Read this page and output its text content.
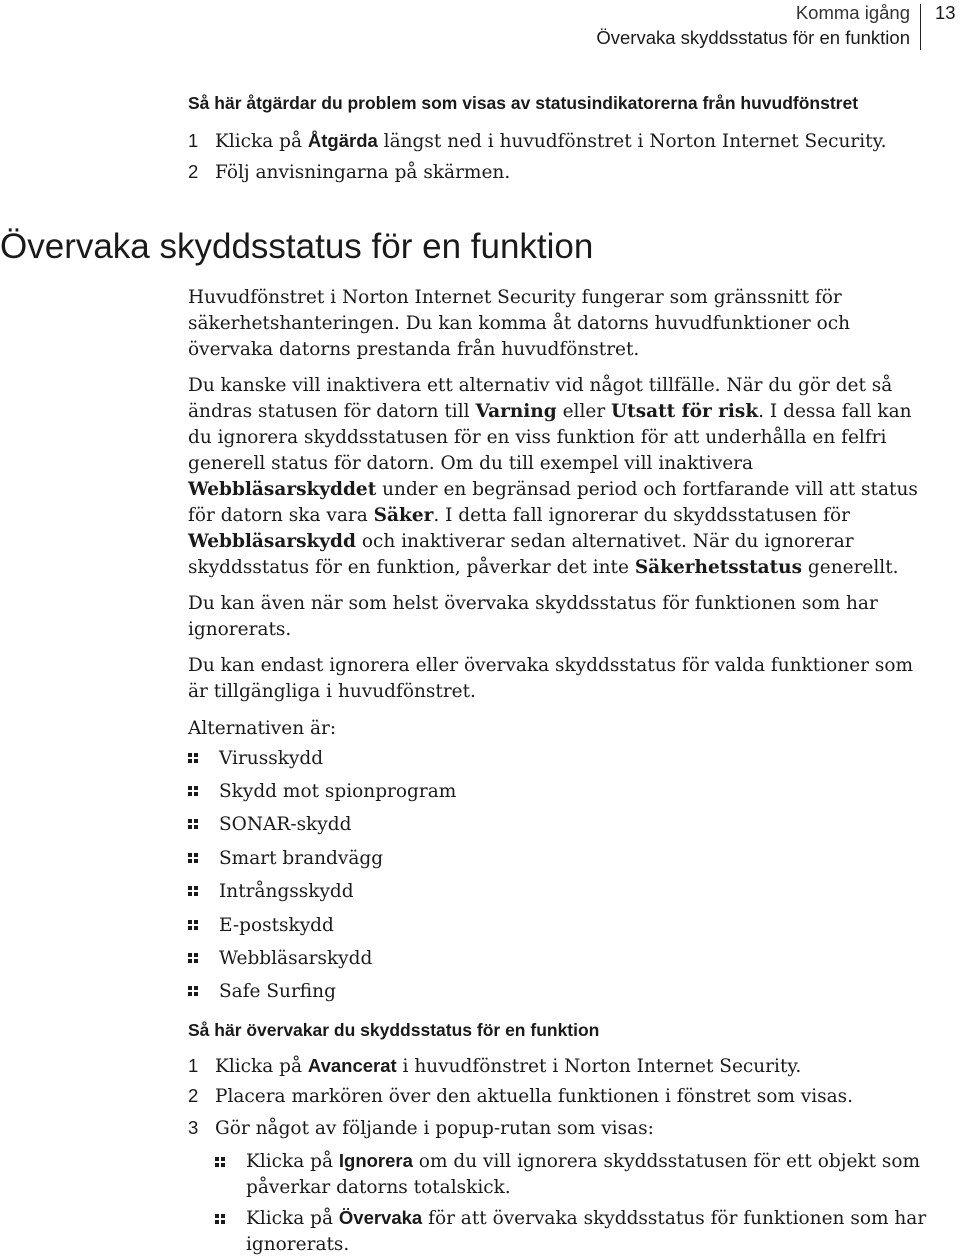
Komma igång
Övervaka skyddsstatus för en funktion
13
Så här åtgärdar du problem som visas av statusindikatorerna från huvudfönstret
1 Klicka på Åtgärda längst ned i huvudfönstret i Norton Internet Security.
2 Följ anvisningarna på skärmen.
Övervaka skyddsstatus för en funktion
Huvudfönstret i Norton Internet Security fungerar som gränssnitt för säkerhetshanteringen. Du kan komma åt datorns huvudfunktioner och övervaka datorns prestanda från huvudfönstret.
Du kanske vill inaktivera ett alternativ vid något tillfälle. När du gör det så ändras statusen för datorn till Varning eller Utsatt för risk. I dessa fall kan du ignorera skyddsstatusen för en viss funktion för att underhålla en felfri generell status för datorn. Om du till exempel vill inaktivera Webbläsarskyddet under en begränsad period och fortfarande vill att status för datorn ska vara Säker. I detta fall ignorerar du skyddsstatusen för Webbläsarskydd och inaktiverar sedan alternativet. När du ignorerar skyddsstatus för en funktion, påverkar det inte Säkerhetsstatus generellt.
Du kan även när som helst övervaka skyddsstatus för funktionen som har ignorerats.
Du kan endast ignorera eller övervaka skyddsstatus för valda funktioner som är tillgängliga i huvudfönstret.
Alternativen är:
Virusskydd
Skydd mot spionprogram
SONAR-skydd
Smart brandvägg
Intrångsskydd
E-postskydd
Webbläsarskydd
Safe Surfing
Så här övervakar du skyddsstatus för en funktion
1 Klicka på Avancerat i huvudfönstret i Norton Internet Security.
2 Placera markören över den aktuella funktionen i fönstret som visas.
3 Gör något av följande i popup-rutan som visas:
Klicka på Ignorera om du vill ignorera skyddsstatusen för ett objekt som påverkar datorns totalskick.
Klicka på Övervaka för att övervaka skyddsstatus för funktionen som har ignorerats.
